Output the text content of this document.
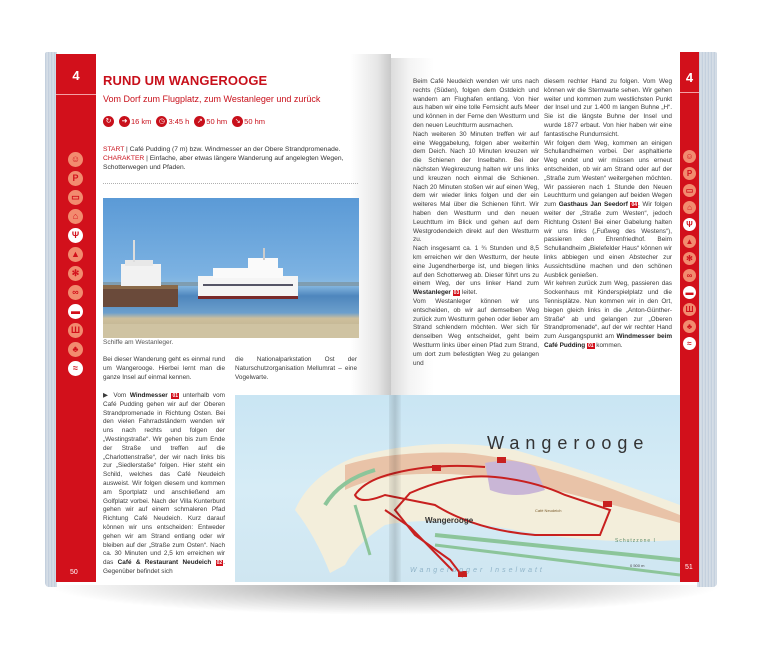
4
☺
P
▭
⌂
Ψ
▲
✻
∞
▬
Ш
♣
≈
50
RUND UM WANGEROOGE
Vom Dorf zum Flugplatz, zum Westanleger und zurück
↻	➜ 16 km	◷ 3:45 h	↗ 50 hm	↘ 50 hm
START | Café Pudding (7 m) bzw. Windmesser an der Obere Strandpromenade.
CHARAKTER | Einfache, aber etwas längere Wanderung auf angelegten Wegen, Schotterwegen und Pfaden.
Schiffe am Westanleger.
Bei dieser Wanderung geht es einmal rund um Wangerooge. Hierbei lernt man die ganze Insel auf einmal kennen.
▶ Vom Windmesser 01 unterhalb vom Café Pudding gehen wir auf der Oberen Strandpromenade in Richtung Osten. Bei den vielen Fahrradständern wenden wir uns nach rechts und folgen der „Westingstraße“. Wir gehen bis zum Ende der Straße und treffen auf die „Charlottenstraße“, der wir nach links bis zur „Siedlerstaße“ folgen. Hier steht ein Schild, welches das Café Neudeich ausweist. Wir folgen diesem und kommen am Sportplatz und anschließend am Golfplatz vorbei. Nach der Villa Kunterbunt gehen wir auf einem schmaleren Pfad Richtung Café Neudeich. Kurz darauf können wir uns entscheiden: Entweder gehen wir am Strand entlang oder wir bleiben auf der „Straße zum Osten“. Nach ca. 30 Minuten und 2,5 km erreichen wir das Café & Restaurant Neudeich 02. Gegenüber befindet sich
die Nationalparkstation Ost der Naturschutzorganisation Mellumrat – eine Vogelwarte.
4
☺
P
▭
⌂
Ψ
▲
✻
∞
▬
Ш
♣
≈
51
Beim Café Neudeich wenden wir uns nach rechts (Süden), folgen dem Ostdeich und wandern am Flughafen entlang. Von hier aus haben wir eine tolle Fernsicht aufs Meer und können in der Ferne den Westturm und den neuen Leuchtturm ausmachen.
Nach weiteren 30 Minuten treffen wir auf eine Weggabelung, folgen aber weiterhin dem Deich. Nach 10 Minuten kreuzen wir die Schienen der Inselbahn. Bei der nächsten Wegkreuzung halten wir uns links und kreuzen noch einmal die Schienen. Nach 20 Minuten stoßen wir auf einen Weg, dem wir wieder links folgen und der ein weiteres Mal über die Schienen führt. Wir haben den Westturm und den neuen Leuchttum im Blick und gehen auf dem Westgrodendeich direkt auf den Westturm zu.
Nach insgesamt ca. 1 ¾ Stunden und 8,5 km erreichen wir den Westturm, der heute eine Jugendherberge ist, und biegen links auf den Schotterweg ab. Dieser führt uns zu einem Weg, der uns linker Hand zum Westanleger 03 leitet.
Vom Westanleger können wir uns entscheiden, ob wir auf demselben Weg zurück zum Westturm gehen oder lieber am Strand schlendern möchten. Wer sich für denselben Weg entscheidet, geht beim Westturm links über einen Pfad zum Strand, um dort zum befestigten Weg zu gelangen und
diesem rechter Hand zu folgen. Vom Weg können wir die Sternwarte sehen. Wir gehen weiter und kommen zum westlichsten Punkt der Insel und zur 1.400 m langen Buhne „H“. Sie ist die längste Buhne der Insel und wurde 1877 erbaut. Von hier haben wir eine fantastische Rundumsicht.
Wir folgen dem Weg, kommen an einigen Schullandheimen vorbei. Der asphaltierte Weg endet und wir müssen uns erneut entscheiden, ob wir am Strand oder auf der „Straße zum Westen“ weitergehen möchten. Wir passieren nach 1 Stunde den Neuen Leuchtturm und gelangen auf beiden Wegen zum Gasthaus Jan Seedorf 04. Wir folgen weiter der „Straße zum Westen“, jedoch Richtung Osten! Bei einer Gabelung halten wir uns links („Fußweg des Westens“), passieren den Ehrenfriedhof. Beim Schullandheim „Bielefelder Haus“ können wir links abbiegen und einen Abstecher zur Aussichtsdüne machen und den schönen Ausblick genießen.
Wir kehren zurück zum Weg, passieren das Sockenhaus mit Kinderspielplatz und die Tennisplätze. Nun kommen wir in den Ort, biegen gleich links in die „Anton-Günther-Straße“ ab und gelangen zur „Oberen Strandpromenade“, auf der wir rechter Hand zum Ausgangspunkt am Windmesser beim Café Pudding 01 kommen.
Wangerooge
Wangerooge
Wangerooger Inselwatt
Schutzzone I
Café Neudeich
0 500 m
